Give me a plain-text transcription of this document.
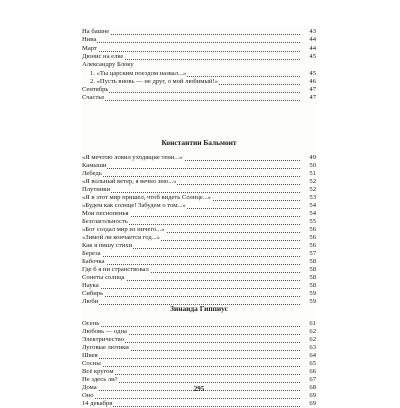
На башне	43
Нива	44
Март	44
Дюнис на елке	45
Александру Блоку
1. «Ты царским поездом назвал...»	45
2. «Пусть вновь — не друг, о мой любимый!»	46
Сентябрь	47
Счастье	47
«Я мечтою ловил уходящие тени...»	49
Камыши	50
Лебедь	51
«Я вольный ветер, я вечно зею...»	52
Плутинки	52
«Я в этот мир пришел, чтоб видеть Солнце...»	53
«Будем как солнце! Забудем о том...»	54
Мои песнопенья	54
Безглагольность	55
«Бог создал мир из ничего...»	56
«Зимой ли кончается год...»	56
Как я пишу стихи	56
Береза	57
Бабочка	58
Где б я ни странствовал	58
Сонеты солнца	58
Наука	58
Сибирь	59
Люби	59
Осень	61
Любовь — одна	62
Электричество	62
Луговые лютики	63
Швея	64
Сосны	65
Всё кругом	66
Не здесь ли?	67
Дома	68
Оно	69
14 декабря	69
Константин Бальмонт
Зинаида Гиппиус
295
